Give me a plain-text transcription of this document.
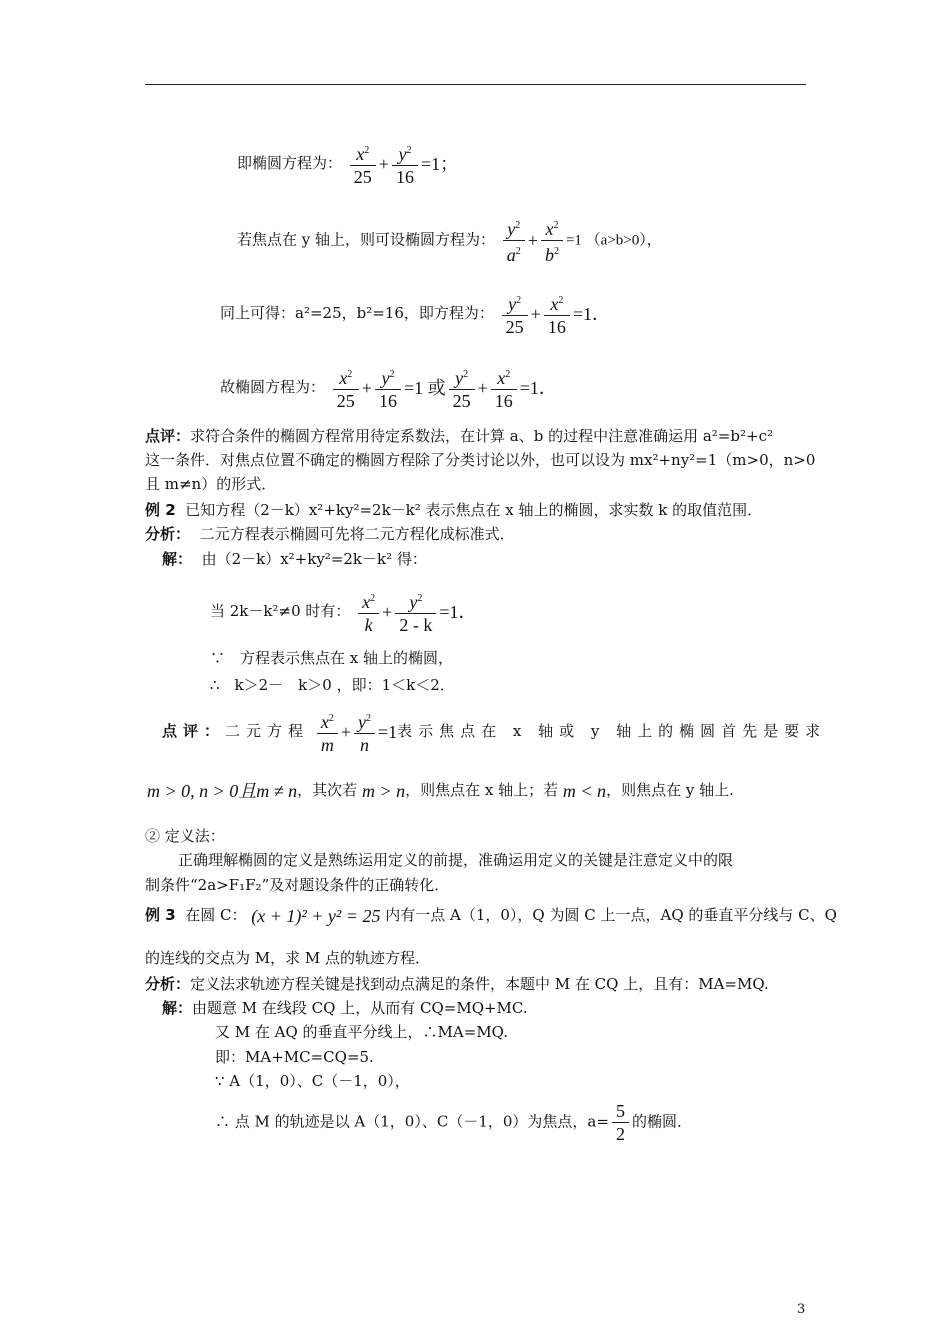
即椭圆方程为： $\frac{x^2}{25} + \frac{y^2}{16} =1$；
若焦点在 y 轴上，则可设椭圆方程为： $\frac{y^2}{a^2} + \frac{x^2}{b^2} =1$ （a>b>0），
同上可得：a²=25，b²=16，即方程为： $\frac{y^2}{25} + \frac{x^2}{16} =1$．
故椭圆方程为： $\frac{x^2}{25} + \frac{y^2}{16} =1$ 或 $\frac{y^2}{25} + \frac{x^2}{16} =1$．
点评：求符合条件的椭圆方程常用待定系数法，在计算 a、b 的过程中注意准确运用 a²=b²+c²
这一条件．对焦点位置不确定的椭圆方程除了分类讨论以外，也可以设为 mx²+ny²=1（m>0，n>0
且 m≠n）的形式．
例 2 已知方程（2－k）x²+ky²=2k－k² 表示焦点在 x 轴上的椭圆，求实数 k 的取值范围．
分析： 二元方程表示椭圆可先将二元方程化成标准式．
解： 由（2－k）x²+ky²=2k－k² 得：
当 2k－k²≠0 时有： $\frac{x^2}{k} + \frac{y^2}{2 - k} =1$．
∵　方程表示焦点在 x 轴上的椭圆，
∴　k＞2－　k＞0 ，即：1＜k＜2．
点评：二元方程 $\frac{x^2}{m} + \frac{y^2}{n} =1$表示焦点在 x 轴或 y 轴上的椭圆首先是要求
m > 0, n > 0且m ≠ n，其次若 m > n，则焦点在 x 轴上；若 m < n，则焦点在 y 轴上.
② 定义法：
正确理解椭圆的定义是熟练运用定义的前提，准确运用定义的关键是注意定义中的限
制条件“2a>F₁F₂”及对题设条件的正确转化．
例 3 在圆 C： (x + 1)² + y² = 25 内有一点 A（1，0），Q 为圆 C 上一点，AQ 的垂直平分线与 C、Q
的连线的交点为 M，求 M 点的轨迹方程．
分析：定义法求轨迹方程关键是找到动点满足的条件，本题中 M 在 CQ 上，且有：MA=MQ.
解：由题意 M 在线段 CQ 上，从而有 CQ=MQ+MC.
又 M 在 AQ 的垂直平分线上，∴MA=MQ.
即：MA+MC=CQ=5.
∵ A（1，0）、C（－1，0），
∴ 点 M 的轨迹是以 A（1，0）、C（－1，0）为焦点，$a= \frac{5}{2}$ 的椭圆．
3
